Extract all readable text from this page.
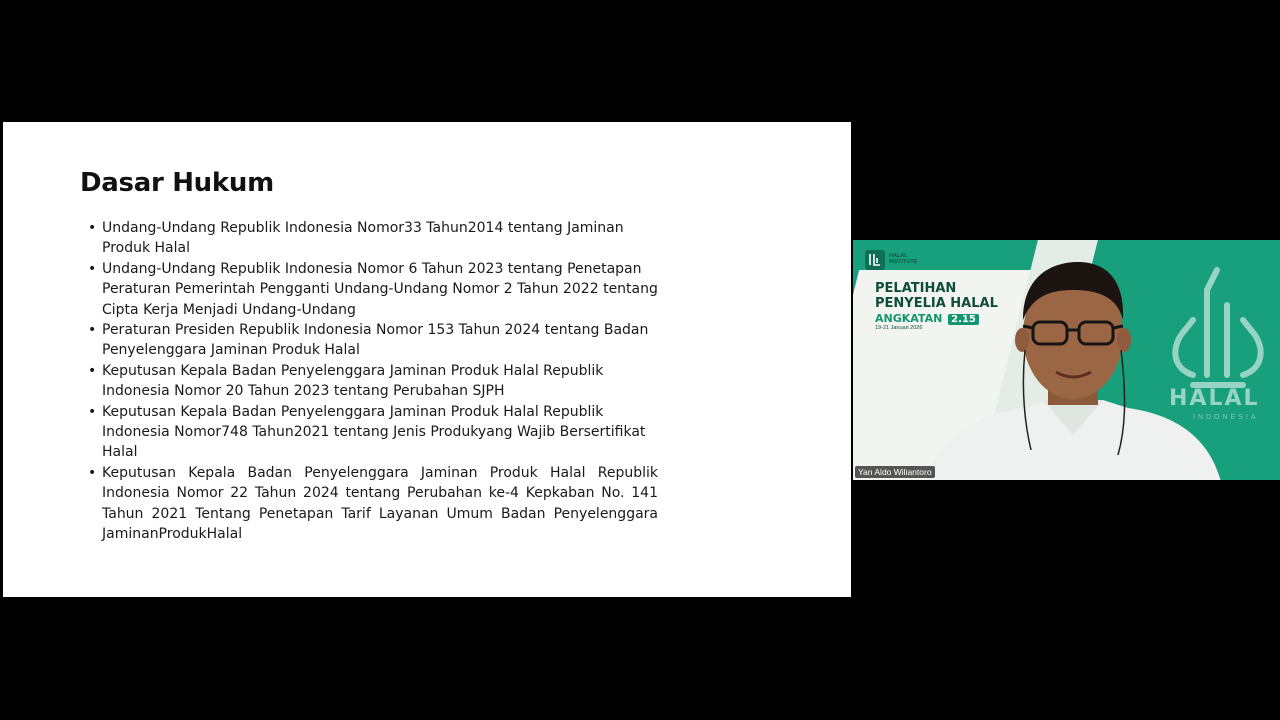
Dasar Hukum
• Undang-Undang Republik Indonesia Nomor33 Tahun2014 tentang Jaminan Produk Halal
• Undang-Undang Republik Indonesia Nomor 6 Tahun 2023 tentang Penetapan Peraturan Pemerintah Pengganti Undang-Undang Nomor 2 Tahun 2022 tentang Cipta Kerja Menjadi Undang-Undang
• Peraturan Presiden Republik Indonesia Nomor 153 Tahun 2024 tentang Badan Penyelenggara Jaminan Produk Halal
• Keputusan Kepala Badan Penyelenggara Jaminan Produk Halal Republik Indonesia Nomor 20 Tahun 2023 tentang Perubahan SJPH
• Keputusan Kepala Badan Penyelenggara Jaminan Produk Halal Republik Indonesia Nomor748 Tahun2021 tentang Jenis Produkyang Wajib Bersertifikat Halal
• Keputusan Kepala Badan Penyelenggara Jaminan Produk Halal Republik Indonesia Nomor 22 Tahun 2024 tentang Perubahan ke-4 Kepkaban No. 141 Tahun 2021 Tentang Penetapan Tarif Layanan Umum Badan Penyelenggara JaminanProdukHalal
HALAL INSTITUTE
PELATIHAN PENYELIA HALAL
ANGKATAN 2.15
19-21 Januari 2026
HALAL
INDONESIA
Yan Aldo Wiliantoro
